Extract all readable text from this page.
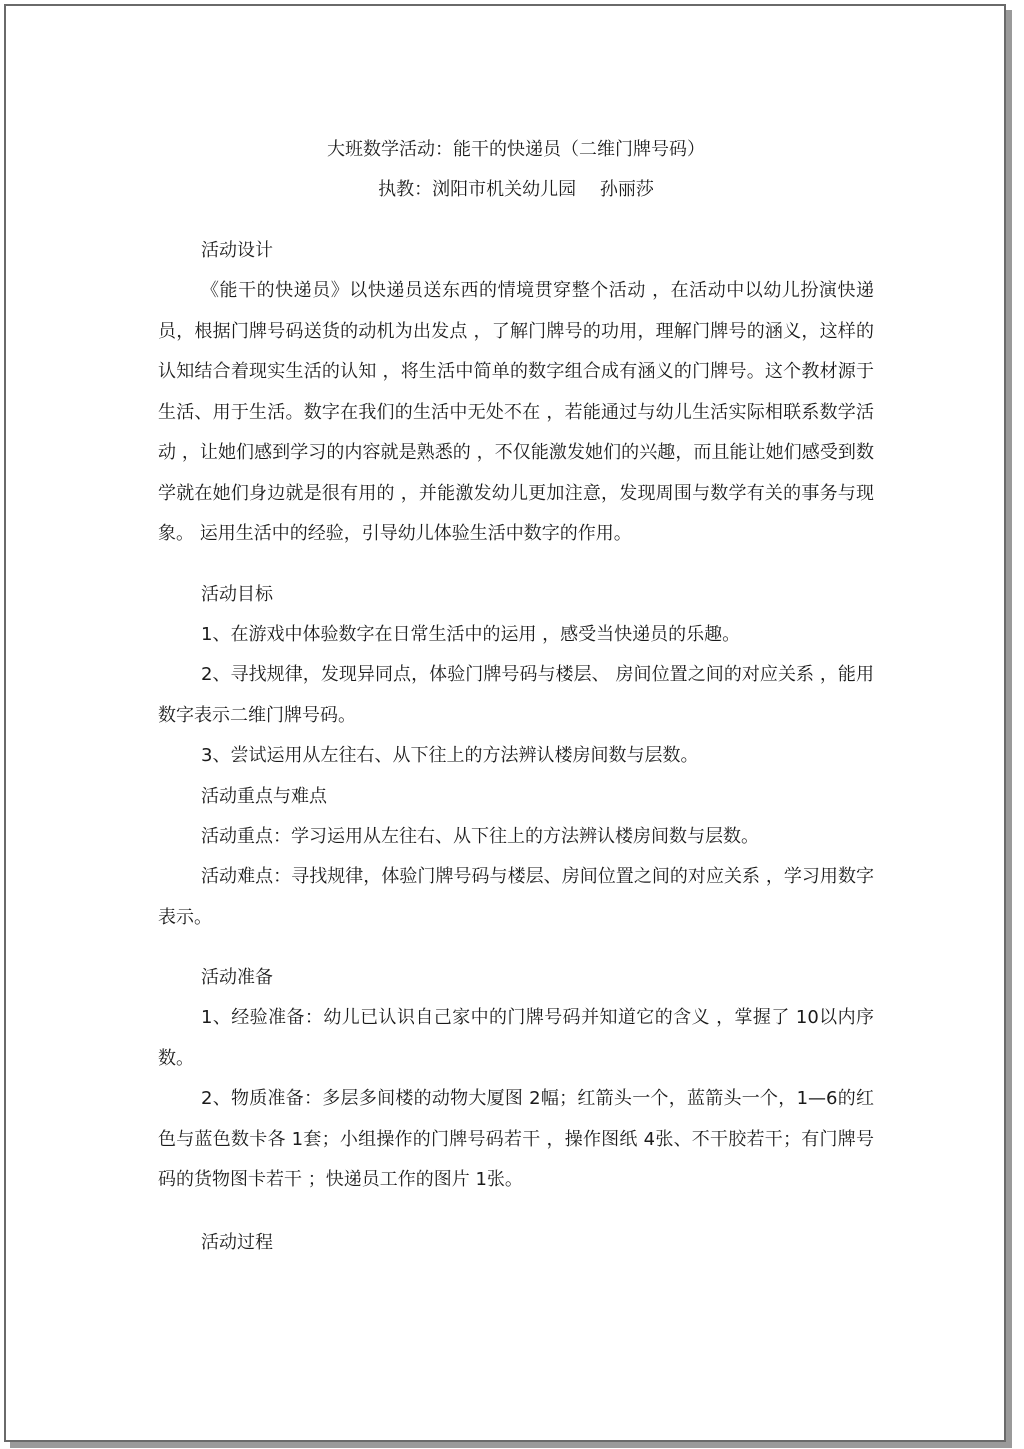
大班数学活动：能干的快递员（二维门牌号码）

执教：浏阳市机关幼儿园　 孙丽莎

活动设计

《能干的快递员》以快递员送东西的情境贯穿整个活动 ，在活动中以幼儿扮演快递员，根据门牌号码送货的动机为出发点 ，了解门牌号的功用，理解门牌号的涵义，这样的认知结合着现实生活的认知 ，将生活中简单的数字组合成有涵义的门牌号。这个教材源于生活、用于生活。数字在我们的生活中无处不在 ，若能通过与幼儿生活实际相联系数学活动 ，让她们感到学习的内容就是熟悉的 ，不仅能激发她们的兴趣，而且能让她们感受到数学就在她们身边就是很有用的 ，并能激发幼儿更加注意，发现周围与数学有关的事务与现象。 运用生活中的经验，引导幼儿体验生活中数字的作用。

活动目标

1、在游戏中体验数字在日常生活中的运用 ，感受当快递员的乐趣。

2、寻找规律，发现异同点，体验门牌号码与楼层、 房间位置之间的对应关系 ，能用数字表示二维门牌号码。

3、尝试运用从左往右、从下往上的方法辨认楼房间数与层数。

活动重点与难点

活动重点：学习运用从左往右、从下往上的方法辨认楼房间数与层数。

活动难点：寻找规律，体验门牌号码与楼层、房间位置之间的对应关系 ，学习用数字表示。

活动准备

1、经验准备：幼儿已认识自己家中的门牌号码并知道它的含义 ，掌握了 10以内序数。

2、物质准备：多层多间楼的动物大厦图 2幅；红箭头一个，蓝箭头一个，1—6的红色与蓝色数卡各 1套；小组操作的门牌号码若干 ，操作图纸 4张、不干胶若干；有门牌号码的货物图卡若干 ；快递员工作的图片 1张。

活动过程
